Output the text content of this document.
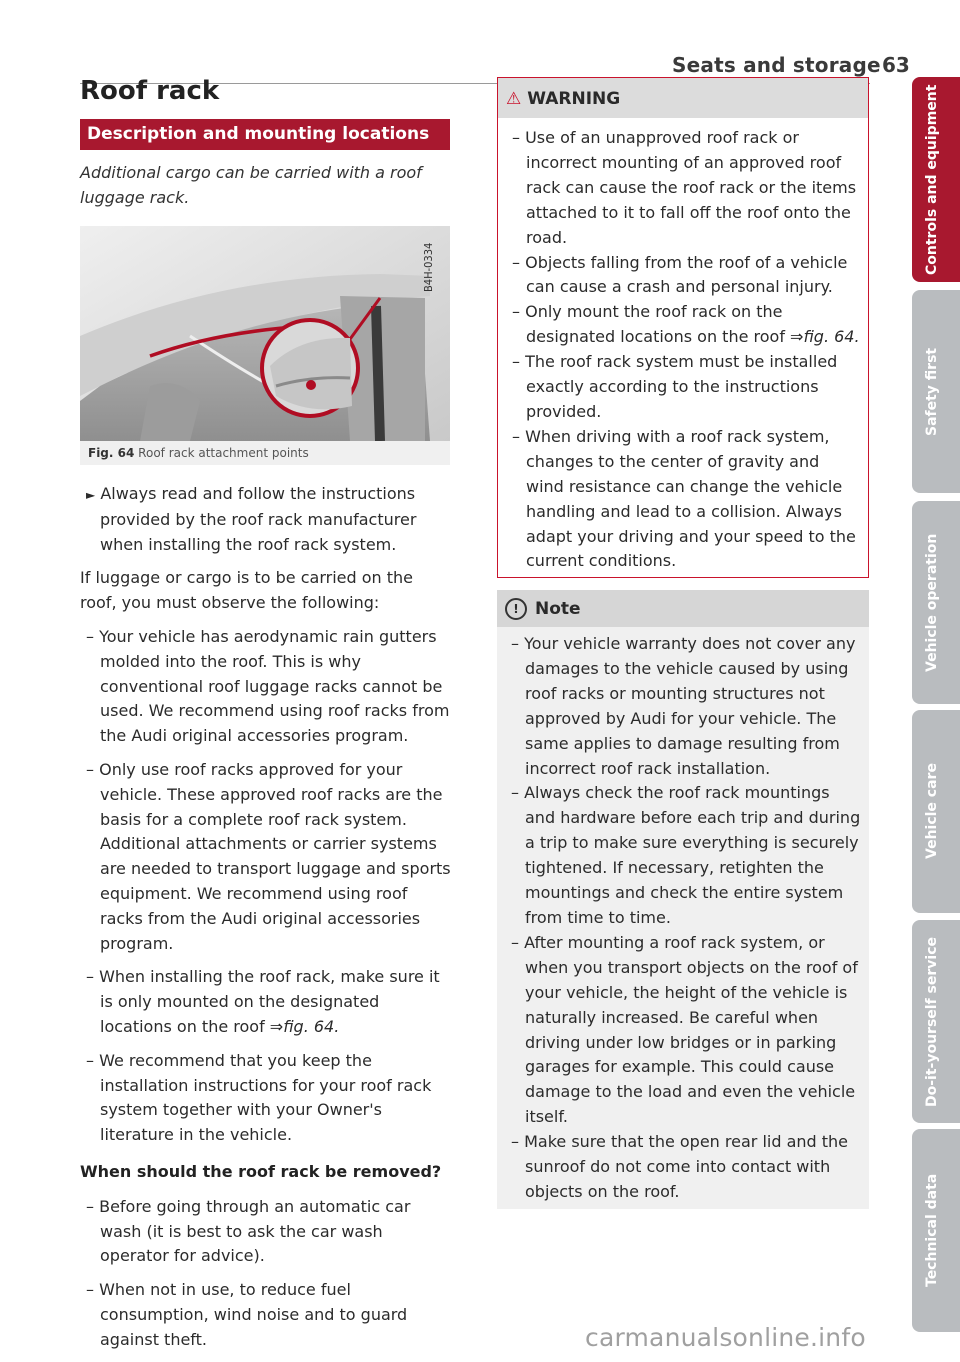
Seats and storage 63
Roof rack
Description and mounting locations
Additional cargo can be carried with a roof luggage rack.
B4H-0334
Fig. 64 Roof rack attachment points

► Always read and follow the instructions provided by the roof rack manufacturer when installing the roof rack system.

If luggage or cargo is to be carried on the roof, you must observe the following:

– Your vehicle has aerodynamic rain gutters molded into the roof. This is why conventional roof luggage racks cannot be used. We recommend using roof racks from the Audi original accessories program.

– Only use roof racks approved for your vehicle. These approved roof racks are the basis for a complete roof rack system. Additional attachments or carrier systems are needed to transport luggage and sports equipment. We recommend using roof racks from the Audi original accessories program.

– When installing the roof rack, make sure it is only mounted on the designated locations on the roof ⇒fig. 64.

– We recommend that you keep the installation instructions for your roof rack system together with your Owner's literature in the vehicle.

When should the roof rack be removed?

– Before going through an automatic car wash (it is best to ask the car wash operator for advice).

– When not in use, to reduce fuel consumption, wind noise and to guard against theft.

⚠ WARNING

– Use of an unapproved roof rack or incorrect mounting of an approved roof rack can cause the roof rack or the items attached to it to fall off the roof onto the road.

– Objects falling from the roof of a vehicle can cause a crash and personal injury.

– Only mount the roof rack on the designated locations on the roof ⇒fig. 64.

– The roof rack system must be installed exactly according to the instructions provided.

– When driving with a roof rack system, changes to the center of gravity and wind resistance can change the vehicle handling and lead to a collision. Always adapt your driving and your speed to the current conditions.

! Note

– Your vehicle warranty does not cover any damages to the vehicle caused by using roof racks or mounting structures not approved by Audi for your vehicle. The same applies to damage resulting from incorrect roof rack installation.

– Always check the roof rack mountings and hardware before each trip and during a trip to make sure everything is securely tightened. If necessary, retighten the mountings and check the entire system from time to time.

– After mounting a roof rack system, or when you transport objects on the roof of your vehicle, the height of the vehicle is naturally increased. Be careful when driving under low bridges or in parking garages for example. This could cause damage to the load and even the vehicle itself.

– Make sure that the open rear lid and the sunroof do not come into contact with objects on the roof.

Controls and equipment
Safety first
Vehicle operation
Vehicle care
Do-it-yourself service
Technical data
carmanualsonline.info
